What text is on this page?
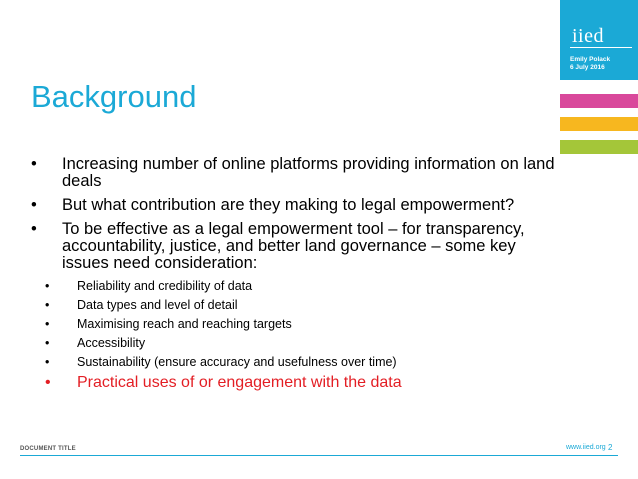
iied
Emily Polack
6 July 2016
Background
• Increasing number of online platforms providing information on land deals
• But what contribution are they making to legal empowerment?
• To be effective as a legal empowerment tool – for transparency, accountability, justice, and better land governance – some key issues need consideration:
• Reliability and credibility of data
• Data types and level of detail
• Maximising reach and reaching targets
• Accessibility
• Sustainability (ensure accuracy and usefulness over time)
• Practical uses of or engagement with the data
DOCUMENT TITLE	www.iied.org 2
